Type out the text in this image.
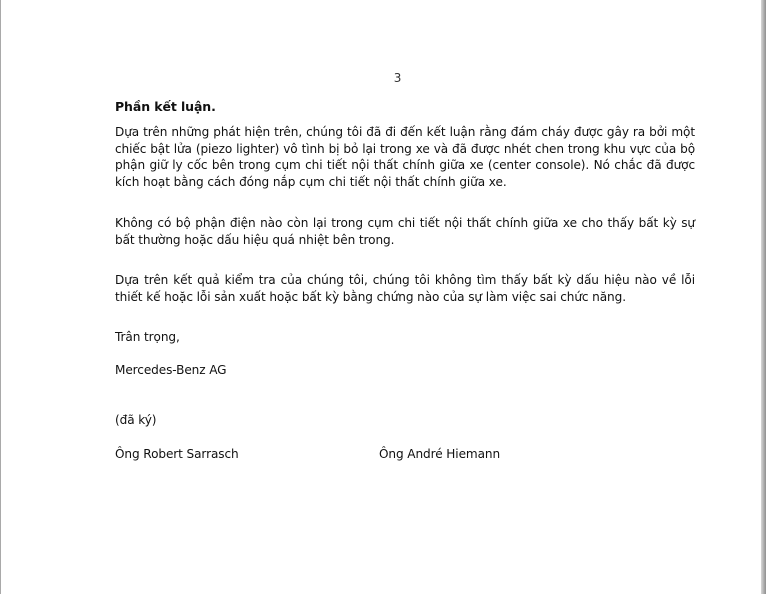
3
Phần kết luận.

Dựa trên những phát hiện trên, chúng tôi đã đi đến kết luận rằng đám cháy được gây ra bởi một chiếc bật lửa (piezo lighter) vô tình bị bỏ lại trong xe và đã được nhét chen trong khu vực của bộ phận giữ ly cốc bên trong cụm chi tiết nội thất chính giữa xe (center console). Nó chắc đã được kích hoạt bằng cách đóng nắp cụm chi tiết nội thất chính giữa xe.

Không có bộ phận điện nào còn lại trong cụm chi tiết nội thất chính giữa xe cho thấy bất kỳ sự bất thường hoặc dấu hiệu quá nhiệt bên trong.

Dựa trên kết quả kiểm tra của chúng tôi, chúng tôi không tìm thấy bất kỳ dấu hiệu nào về lỗi thiết kế hoặc lỗi sản xuất hoặc bất kỳ bằng chứng nào của sự làm việc sai chức năng.

Trân trọng,

Mercedes-Benz AG

(đã ký)

Ông Robert Sarrasch	Ông André Hiemann
